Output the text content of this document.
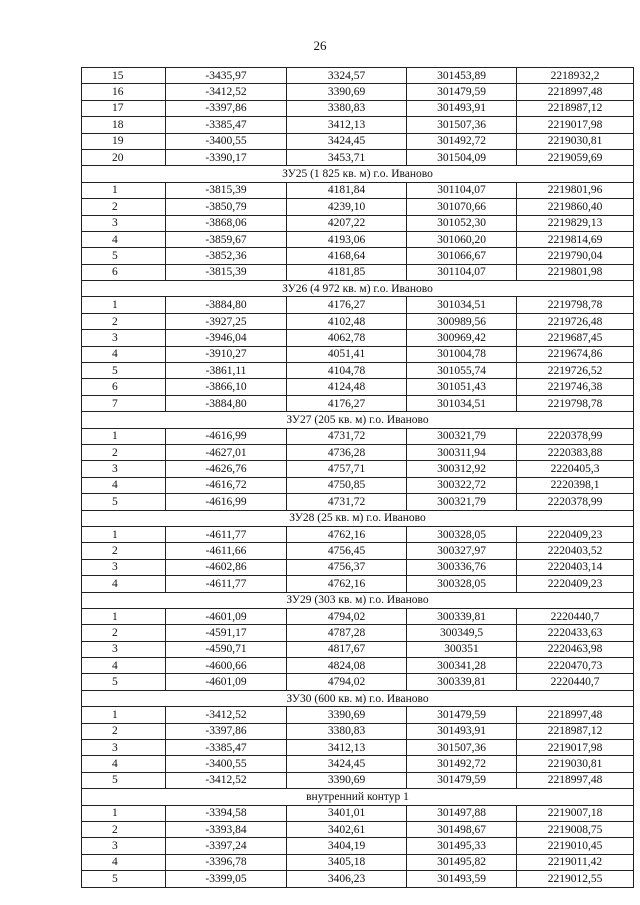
26
15	-3435,97	3324,57	301453,89	2218932,2
16	-3412,52	3390,69	301479,59	2218997,48
17	-3397,86	3380,83	301493,91	2218987,12
18	-3385,47	3412,13	301507,36	2219017,98
19	-3400,55	3424,45	301492,72	2219030,81
20	-3390,17	3453,71	301504,09	2219059,69
ЗУ25 (1 825 кв. м) г.о. Иваново				
1	-3815,39	4181,84	301104,07	2219801,96
2	-3850,79	4239,10	301070,66	2219860,40
3	-3868,06	4207,22	301052,30	2219829,13
4	-3859,67	4193,06	301060,20	2219814,69
5	-3852,36	4168,64	301066,67	2219790,04
6	-3815,39	4181,85	301104,07	2219801,98
ЗУ26 (4 972 кв. м) г.о. Иваново				
1	-3884,80	4176,27	301034,51	2219798,78
2	-3927,25	4102,48	300989,56	2219726,48
3	-3946,04	4062,78	300969,42	2219687,45
4	-3910,27	4051,41	301004,78	2219674,86
5	-3861,11	4104,78	301055,74	2219726,52
6	-3866,10	4124,48	301051,43	2219746,38
7	-3884,80	4176,27	301034,51	2219798,78
ЗУ27 (205 кв. м) г.о. Иваново				
1	-4616,99	4731,72	300321,79	2220378,99
2	-4627,01	4736,28	300311,94	2220383,88
3	-4626,76	4757,71	300312,92	2220405,3
4	-4616,72	4750,85	300322,72	2220398,1
5	-4616,99	4731,72	300321,79	2220378,99
ЗУ28 (25 кв. м) г.о. Иваново				
1	-4611,77	4762,16	300328,05	2220409,23
2	-4611,66	4756,45	300327,97	2220403,52
3	-4602,86	4756,37	300336,76	2220403,14
4	-4611,77	4762,16	300328,05	2220409,23
ЗУ29 (303 кв. м) г.о. Иваново				
1	-4601,09	4794,02	300339,81	2220440,7
2	-4591,17	4787,28	300349,5	2220433,63
3	-4590,71	4817,67	300351	2220463,98
4	-4600,66	4824,08	300341,28	2220470,73
5	-4601,09	4794,02	300339,81	2220440,7
ЗУ30 (600 кв. м) г.о. Иваново				
1	-3412,52	3390,69	301479,59	2218997,48
2	-3397,86	3380,83	301493,91	2218987,12
3	-3385,47	3412,13	301507,36	2219017,98
4	-3400,55	3424,45	301492,72	2219030,81
5	-3412,52	3390,69	301479,59	2218997,48
внутренний контур 1				
1	-3394,58	3401,01	301497,88	2219007,18
2	-3393,84	3402,61	301498,67	2219008,75
3	-3397,24	3404,19	301495,33	2219010,45
4	-3396,78	3405,18	301495,82	2219011,42
5	-3399,05	3406,23	301493,59	2219012,55
